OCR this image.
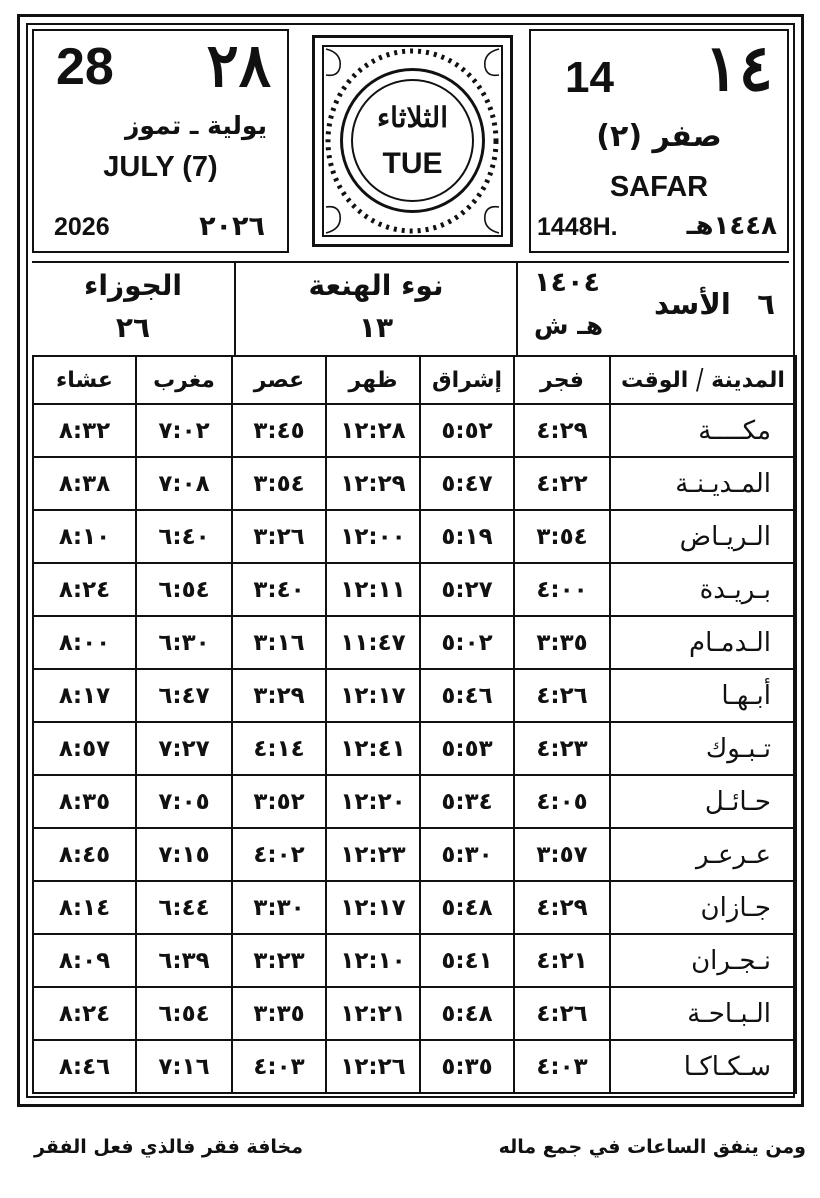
28 ٢٨
يولية ـ تموز
JULY (7)
2026	٢٠٢٦
الثلاثاء
TUE
14 ١٤
صفر (٢)
SAFAR
1448H.	١٤٤٨هـ
الجوزاء
٢٦
نوء الهنعة
١٣
١٤٠٤
هـ ش
الأسد ٦
المدينة / الوقت	فجر	إشراق	ظهر	عصر	مغرب	عشاء
مكــــة	٤:٢٩	٥:٥٢	١٢:٢٨	٣:٤٥	٧:٠٢	٨:٣٢
المـديـنـة	٤:٢٢	٥:٤٧	١٢:٢٩	٣:٥٤	٧:٠٨	٨:٣٨
الـريـاض	٣:٥٤	٥:١٩	١٢:٠٠	٣:٢٦	٦:٤٠	٨:١٠
بـريـدة	٤:٠٠	٥:٢٧	١٢:١١	٣:٤٠	٦:٥٤	٨:٢٤
الـدمـام	٣:٣٥	٥:٠٢	١١:٤٧	٣:١٦	٦:٣٠	٨:٠٠
أبـهـا	٤:٢٦	٥:٤٦	١٢:١٧	٣:٢٩	٦:٤٧	٨:١٧
تـبـوك	٤:٢٣	٥:٥٣	١٢:٤١	٤:١٤	٧:٢٧	٨:٥٧
حـائـل	٤:٠٥	٥:٣٤	١٢:٢٠	٣:٥٢	٧:٠٥	٨:٣٥
عـرعـر	٣:٥٧	٥:٣٠	١٢:٢٣	٤:٠٢	٧:١٥	٨:٤٥
جـازان	٤:٢٩	٥:٤٨	١٢:١٧	٣:٣٠	٦:٤٤	٨:١٤
نـجـران	٤:٢١	٥:٤١	١٢:١٠	٣:٢٣	٦:٣٩	٨:٠٩
الـبـاحـة	٤:٢٦	٥:٤٨	١٢:٢١	٣:٣٥	٦:٥٤	٨:٢٤
سـكـاكـا	٤:٠٣	٥:٣٥	١٢:٢٦	٤:٠٣	٧:١٦	٨:٤٦
ومن ينفق الساعات في جمع ماله
مخافة فقر فالذي فعل الفقر
